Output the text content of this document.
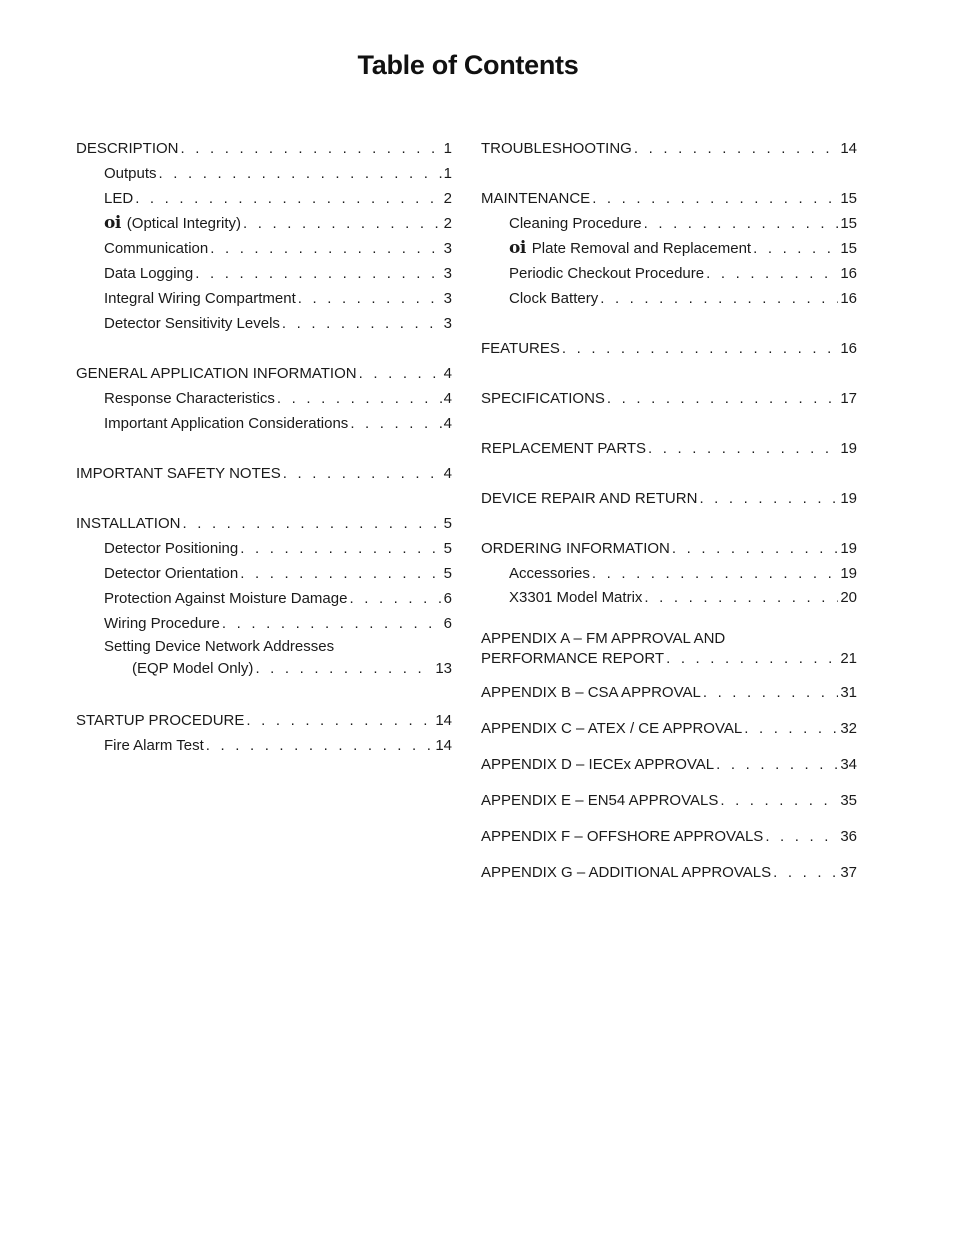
Table of Contents
DESCRIPTION . . .	1
Outputs . . .	1
LED . . .	2
oi (Optical Integrity) . . .	2
Communication . . .	3
Data Logging . . .	3
Integral Wiring Compartment . . .	3
Detector Sensitivity Levels . . .	3
GENERAL APPLICATION INFORMATION . . .	4
Response Characteristics . . .	4
Important Application Considerations . . .	4
IMPORTANT SAFETY NOTES . . .	4
INSTALLATION . . .	5
Detector Positioning . . .	5
Detector Orientation . . .	5
Protection Against Moisture Damage . . .	6
Wiring Procedure . . .	6
Setting Device Network Addresses
(EQP Model Only) . . .	13
STARTUP PROCEDURE . . .	14
Fire Alarm Test . . .	14
TROUBLESHOOTING . . .	14
MAINTENANCE . . .	15
Cleaning Procedure . . .	15
oi Plate Removal and Replacement . . .	15
Periodic Checkout Procedure . . .	16
Clock Battery . . .	16
FEATURES . . .	16
SPECIFICATIONS . . .	17
REPLACEMENT PARTS . . .	19
DEVICE REPAIR AND RETURN . . .	19
ORDERING INFORMATION . . .	19
Accessories . . .	19
X3301 Model Matrix . . .	20
APPENDIX A – FM APPROVAL AND
PERFORMANCE REPORT . . .	21
APPENDIX B – CSA APPROVAL . . .	31
APPENDIX C – ATEX / CE APPROVAL . . .	32
APPENDIX D – IECEx APPROVAL . . .	34
APPENDIX E – EN54 APPROVALS . . .	35
APPENDIX F – OFFSHORE APPROVALS . . .	36
APPENDIX G – ADDITIONAL APPROVALS . . .	37
